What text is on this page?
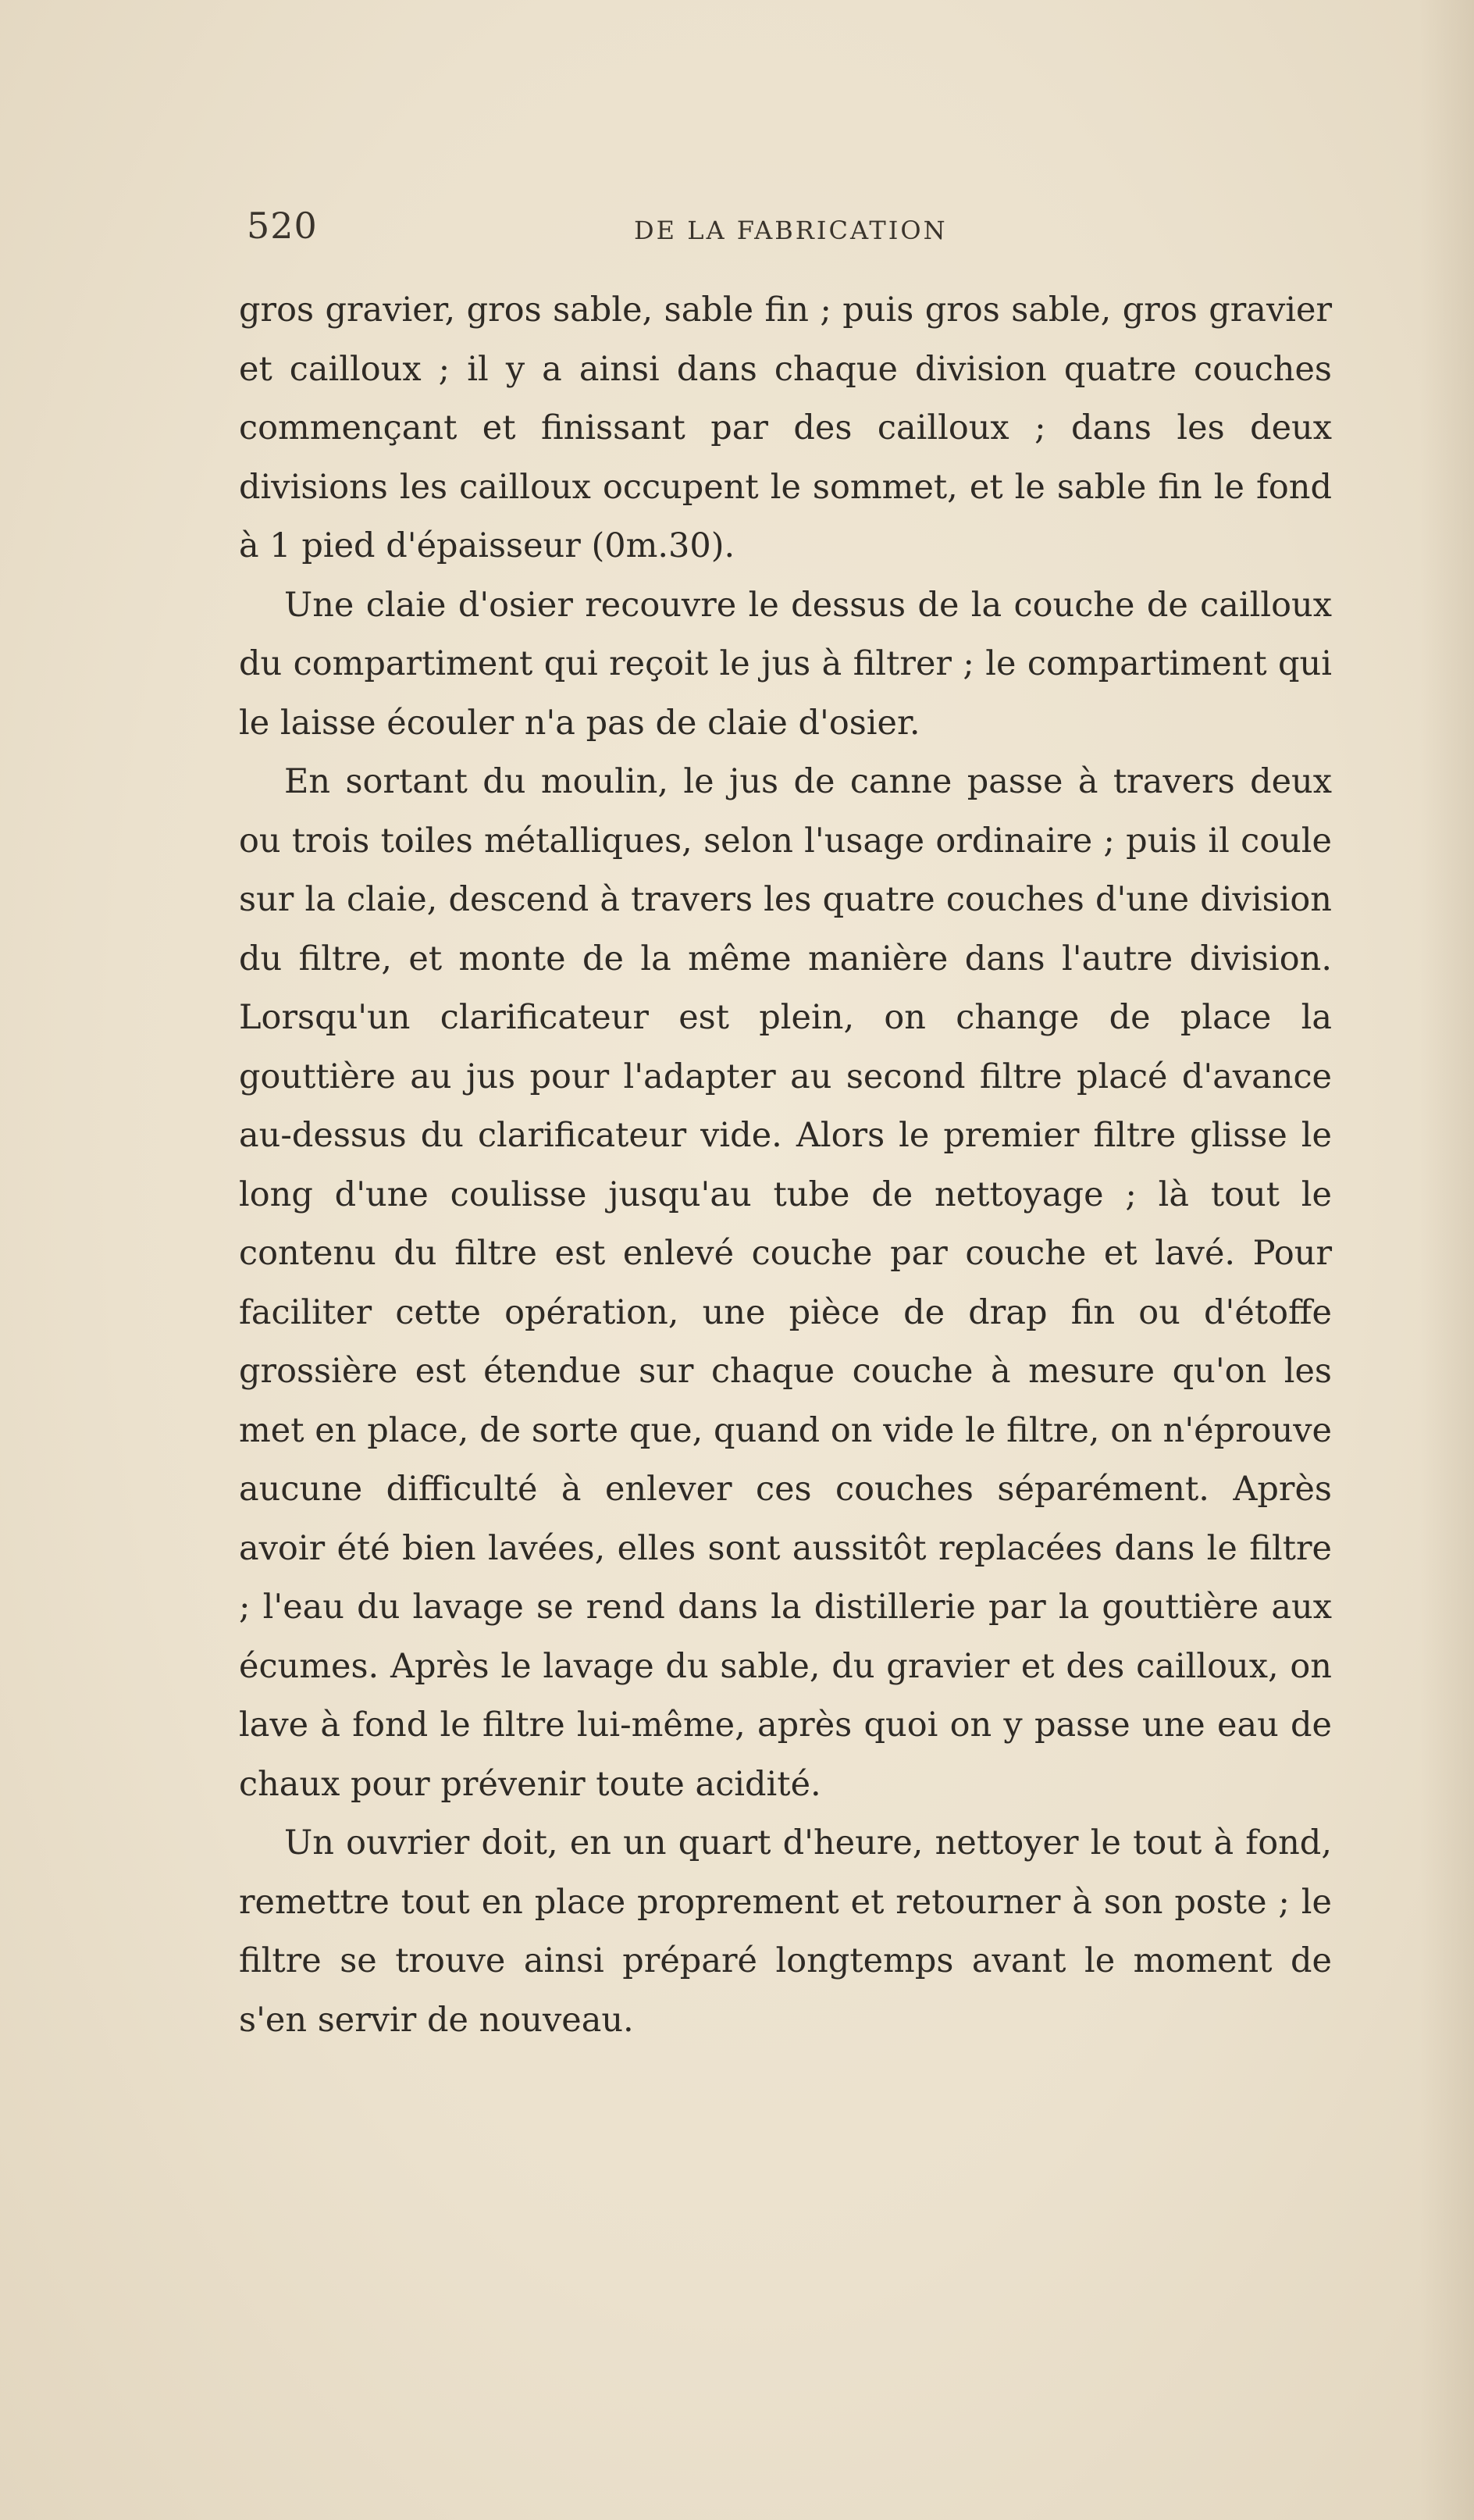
520	DE LA FABRICATION

gros gravier, gros sable, sable fin ; puis gros sable, gros gravier et cailloux ; il y a ainsi dans chaque division quatre couches commençant et finissant par des cailloux ; dans les deux divisions les cailloux occupent le sommet, et le sable fin le fond à 1 pied d'épaisseur (0m.30).

Une claie d'osier recouvre le dessus de la couche de cailloux du compartiment qui reçoit le jus à filtrer ; le compartiment qui le laisse écouler n'a pas de claie d'osier.

En sortant du moulin, le jus de canne passe à travers deux ou trois toiles métalliques, selon l'usage ordinaire ; puis il coule sur la claie, descend à travers les quatre couches d'une division du filtre, et monte de la même manière dans l'autre division. Lorsqu'un clarificateur est plein, on change de place la gouttière au jus pour l'adapter au second filtre placé d'avance au-dessus du clarificateur vide. Alors le premier filtre glisse le long d'une coulisse jusqu'au tube de nettoyage ; là tout le contenu du filtre est enlevé couche par couche et lavé. Pour faciliter cette opération, une pièce de drap fin ou d'étoffe grossière est étendue sur chaque couche à mesure qu'on les met en place, de sorte que, quand on vide le filtre, on n'éprouve aucune difficulté à enlever ces couches séparément. Après avoir été bien lavées, elles sont aussitôt replacées dans le filtre ; l'eau du lavage se rend dans la distillerie par la gouttière aux écumes. Après le lavage du sable, du gravier et des cailloux, on lave à fond le filtre lui-même, après quoi on y passe une eau de chaux pour prévenir toute acidité.

Un ouvrier doit, en un quart d'heure, nettoyer le tout à fond, remettre tout en place proprement et retourner à son poste ; le filtre se trouve ainsi préparé longtemps avant le moment de s'en servir de nouveau.
